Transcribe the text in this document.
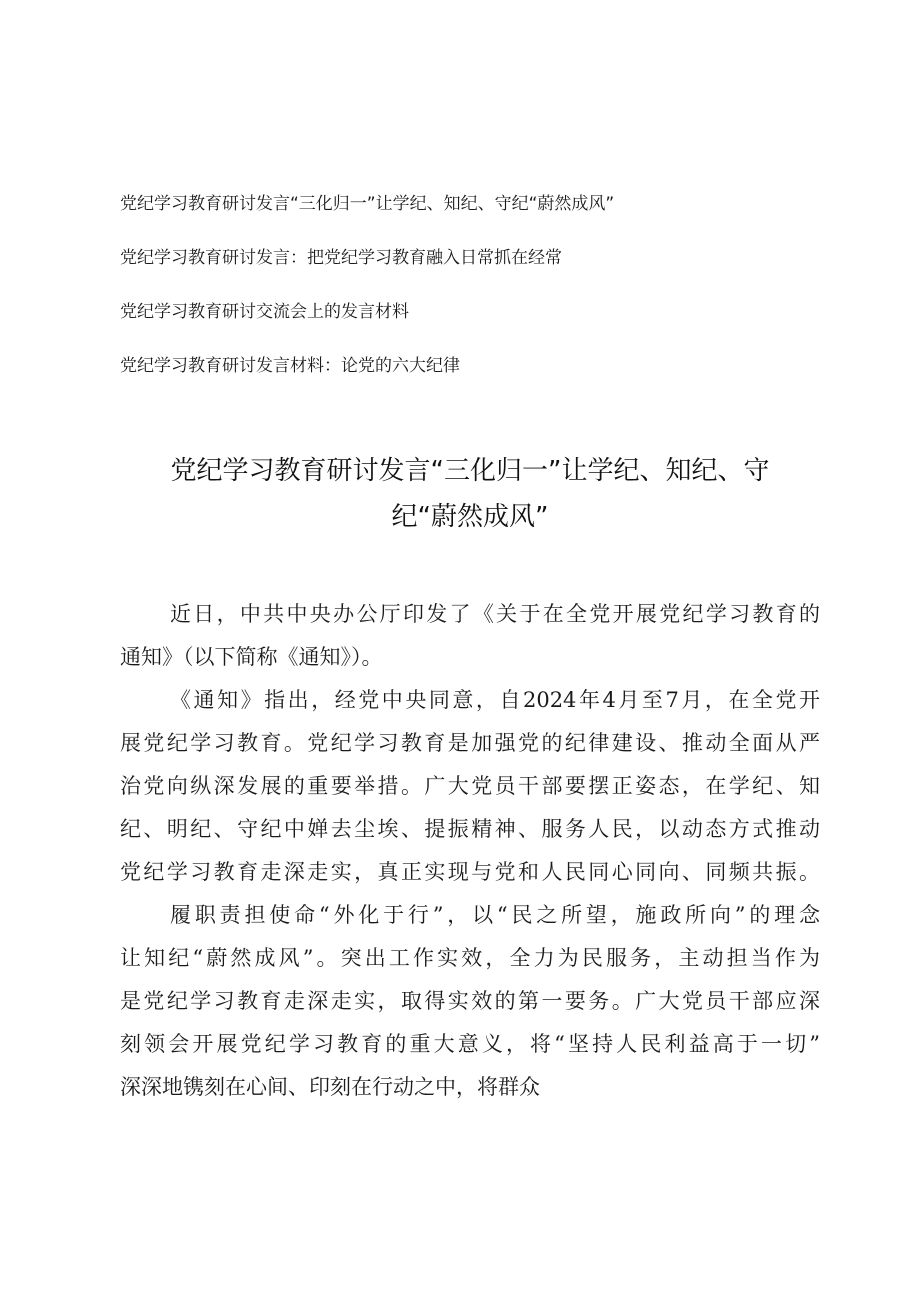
党纪学习教育研讨发言“三化归一”让学纪、知纪、守纪“蔚然成风”
党纪学习教育研讨发言：把党纪学习教育融入日常抓在经常
党纪学习教育研讨交流会上的发言材料
党纪学习教育研讨发言材料：论党的六大纪律
党纪学习教育研讨发言“三化归一”让学纪、知纪、守
纪“蔚然成风”
近日，中共中央办公厅印发了《关于在全党开展党纪学习教育的
通知》（以下简称《通知》）。
《通知》指出，经党中央同意，自2024年4月至7月，在全党开
展党纪学习教育。党纪学习教育是加强党的纪律建设、推动全面从严
治党向纵深发展的重要举措。广大党员干部要摆正姿态，在学纪、知
纪、明纪、守纪中婵去尘埃、提振精神、服务人民，以动态方式推动
党纪学习教育走深走实，真正实现与党和人民同心同向、同频共振。
履职责担使命“外化于行”，以“民之所望，施政所向”的理念
让知纪“蔚然成风”。突出工作实效，全力为民服务，主动担当作为
是党纪学习教育走深走实，取得实效的第一要务。广大党员干部应深
刻领会开展党纪学习教育的重大意义，将“坚持人民利益高于一切”
深深地镌刻在心间、印刻在行动之中，将群众
